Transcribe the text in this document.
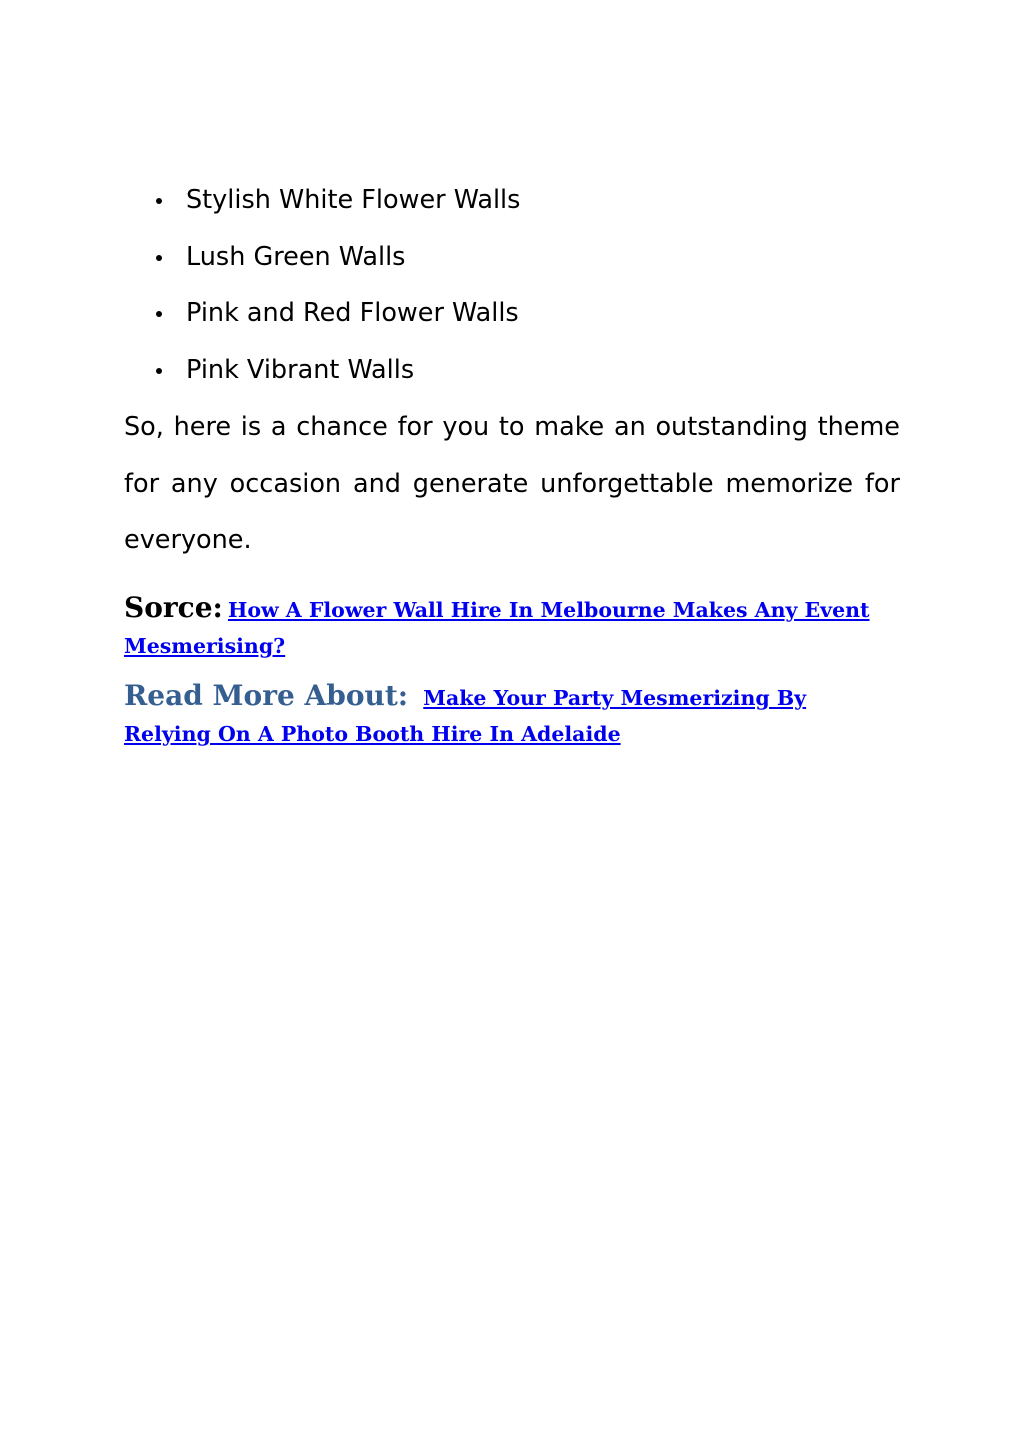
Stylish White Flower Walls
Lush Green Walls
Pink and Red Flower Walls
Pink Vibrant Walls

So, here is a chance for you to make an outstanding theme for any occasion and generate unforgettable memorize for everyone.

Sorce: How A Flower Wall Hire In Melbourne Makes Any Event Mesmerising?

Read More About: Make Your Party Mesmerizing By Relying On A Photo Booth Hire In Adelaide
